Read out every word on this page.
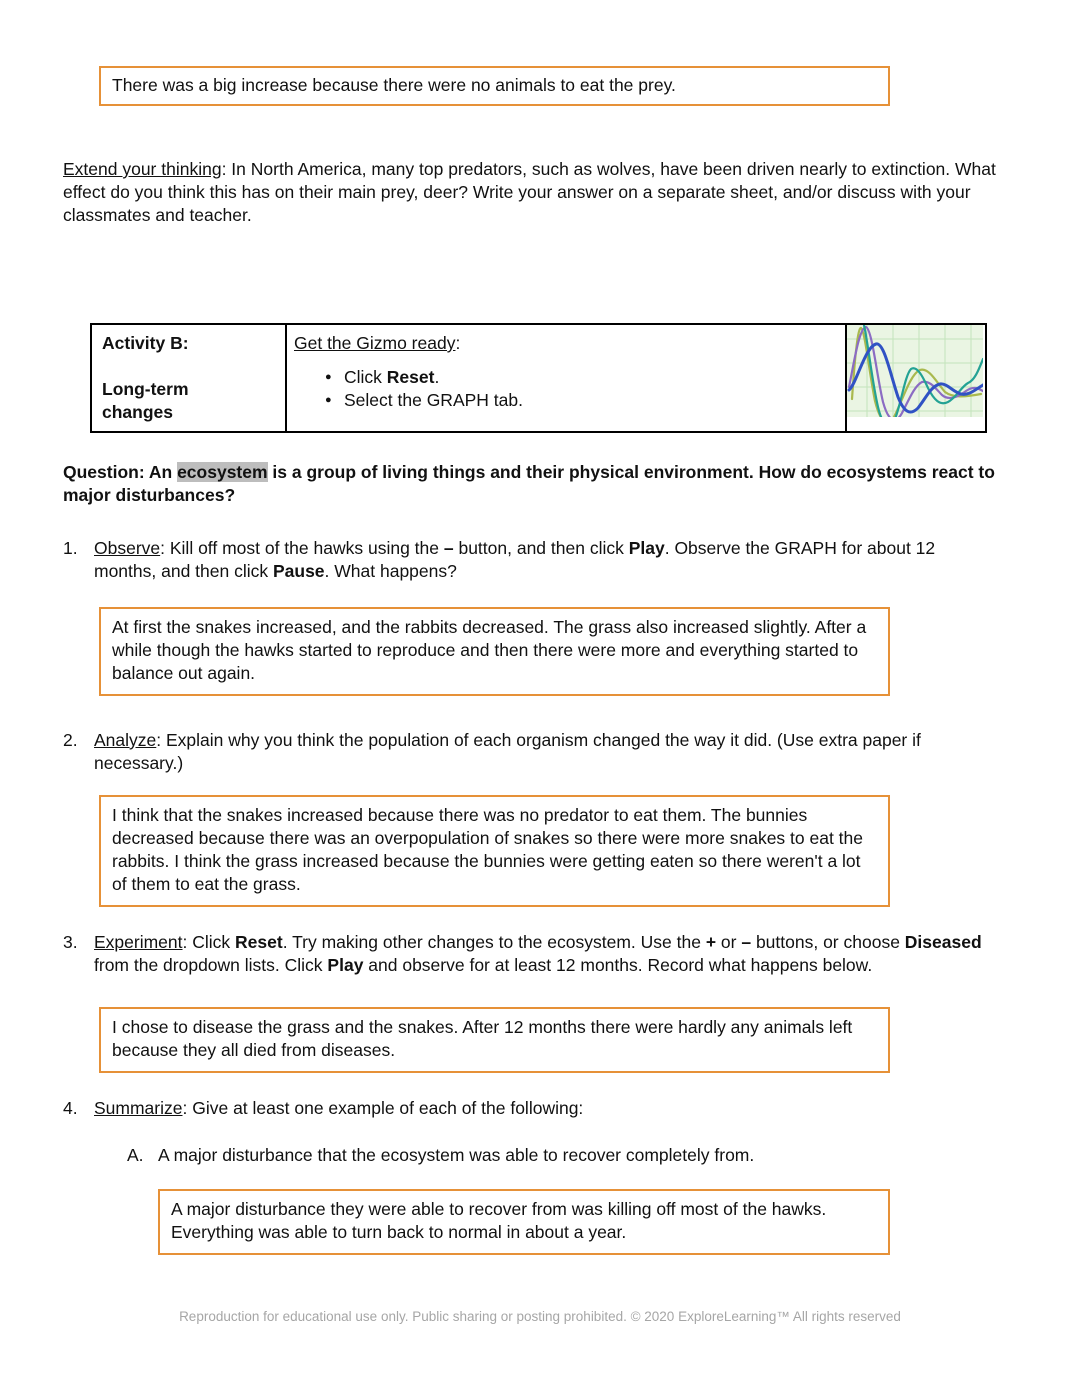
There was a big increase because there were no animals to eat the prey.

Extend your thinking: In North America, many top predators, such as wolves, have been driven nearly to extinction. What effect do you think this has on their main prey, deer? Write your answer on a separate sheet, and/or discuss with your classmates and teacher.

Activity B:
Long-term changes

Get the Gizmo ready:
● Click Reset.
● Select the GRAPH tab.

Question: An ecosystem is a group of living things and their physical environment. How do ecosystems react to major disturbances?

1. Observe: Kill off most of the hawks using the – button, and then click Play. Observe the GRAPH for about 12 months, and then click Pause. What happens?
At first the snakes increased, and the rabbits decreased. The grass also increased slightly. After a while though the hawks started to reproduce and then there were more and everything started to balance out again.
2. Analyze: Explain why you think the population of each organism changed the way it did. (Use extra paper if necessary.)
I think that the snakes increased because there was no predator to eat them. The bunnies decreased because there was an overpopulation of snakes so there were more snakes to eat the rabbits. I think the grass increased because the bunnies were getting eaten so there weren't a lot of them to eat the grass.
3. Experiment: Click Reset. Try making other changes to the ecosystem. Use the + or – buttons, or choose Diseased from the dropdown lists. Click Play and observe for at least 12 months. Record what happens below.
I chose to disease the grass and the snakes. After 12 months there were hardly any animals left because they all died from diseases.
4. Summarize: Give at least one example of each of the following:
A. A major disturbance that the ecosystem was able to recover completely from.
A major disturbance they were able to recover from was killing off most of the hawks. Everything was able to turn back to normal in about a year.
Reproduction for educational use only. Public sharing or posting prohibited. © 2020 ExploreLearning™ All rights reserved
